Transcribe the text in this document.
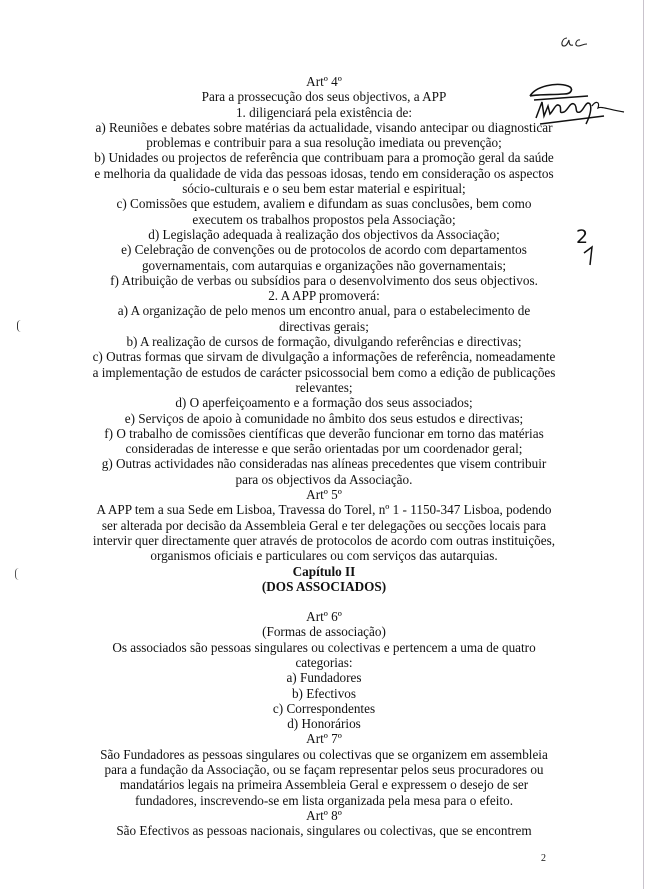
2
Artº 4º
Para a prossecução dos seus objectivos, a APP
1. diligenciará pela existência de:
a) Reuniões e debates sobre matérias da actualidade, visando antecipar ou diagnosticar
problemas e contribuir para a sua resolução imediata ou prevenção;
b) Unidades ou projectos de referência que contribuam para a promoção geral da saúde
e melhoria da qualidade de vida das pessoas idosas, tendo em consideração os aspectos
sócio-culturais e o seu bem estar material e espiritual;
c) Comissões que estudem, avaliem e difundam as suas conclusões, bem como
executem os trabalhos propostos pela Associação;
d) Legislação adequada à realização dos objectivos da Associação;
e) Celebração de convenções ou de protocolos de acordo com departamentos
governamentais, com autarquias e organizações não governamentais;
f) Atribuição de verbas ou subsídios para o desenvolvimento dos seus objectivos.
2. A APP promoverá:
a) A organização de pelo menos um encontro anual, para o estabelecimento de
directivas gerais;
b) A realização de cursos de formação, divulgando referências e directivas;
c) Outras formas que sirvam de divulgação a informações de referência, nomeadamente
a implementação de estudos de carácter psicossocial bem como a edição de publicações
relevantes;
d) O aperfeiçoamento e a formação dos seus associados;
e) Serviços de apoio à comunidade no âmbito dos seus estudos e directivas;
f) O trabalho de comissões científicas que deverão funcionar em torno das matérias
consideradas de interesse e que serão orientadas por um coordenador geral;
g) Outras actividades não consideradas nas alíneas precedentes que visem contribuir
para os objectivos da Associação.
Artº 5º
A APP tem a sua Sede em Lisboa, Travessa do Torel, nº 1 - 1150-347 Lisboa, podendo
ser alterada por decisão da Assembleia Geral e ter delegações ou secções locais para
intervir quer directamente quer através de protocolos de acordo com outras instituições,
organismos oficiais e particulares ou com serviços das autarquias.
Capítulo II
(DOS ASSOCIADOS)
Artº 6º
(Formas de associação)
Os associados são pessoas singulares ou colectivas e pertencem a uma de quatro
categorias:
a) Fundadores
b) Efectivos
c) Correspondentes
d) Honorários
Artº 7º
São Fundadores as pessoas singulares ou colectivas que se organizem em assembleia
para a fundação da Associação, ou se façam representar pelos seus procuradores ou
mandatários legais na primeira Assembleia Geral e expressem o desejo de ser
fundadores, inscrevendo-se em lista organizada pela mesa para o efeito.
Artº 8º
São Efectivos as pessoas nacionais, singulares ou colectivas, que se encontrem
2
